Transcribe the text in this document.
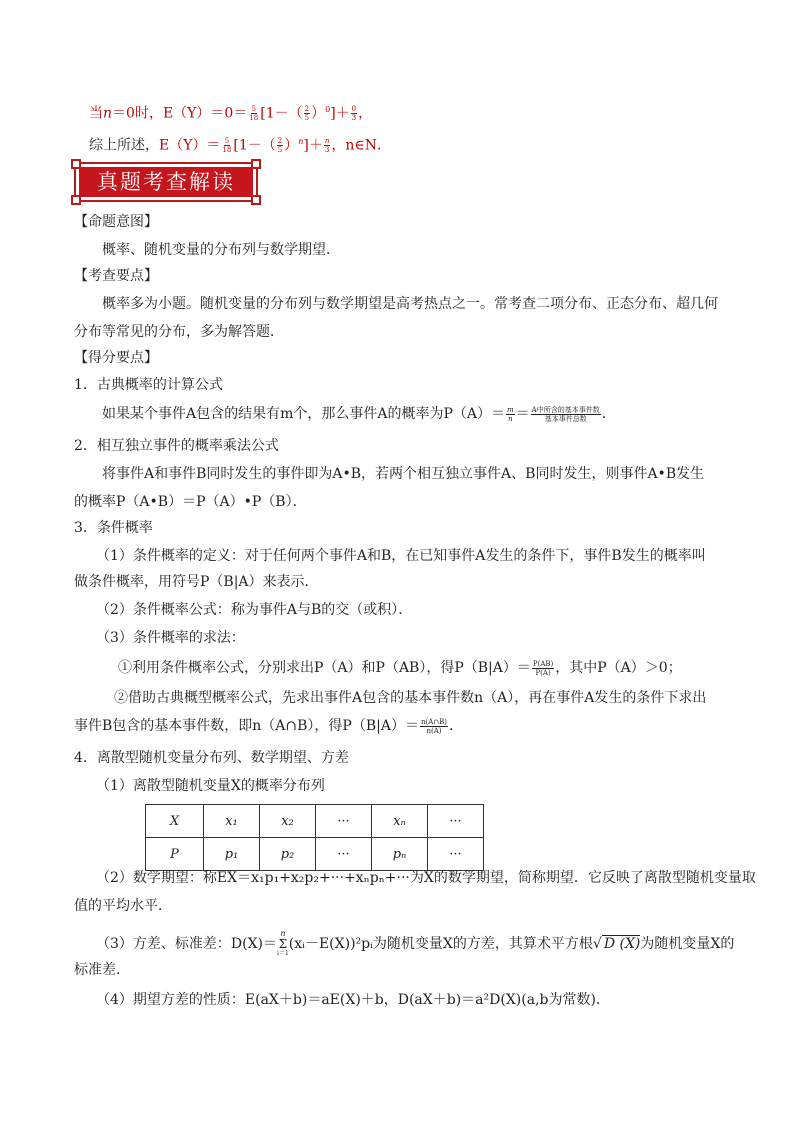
当n＝0时，$E(Y)=0= \frac{5}{18} [1-( \frac{2}{5} )^0]+ \frac{0}{3}$ ，
综上所述，$E(Y)= \frac{5}{18} [1-( \frac{2}{5} )^n]+ \frac{n}{3}$ ，n∈N．
真题考查解读
【命题意图】
概率、随机变量的分布列与数学期望．
【考查要点】
概率多为小题。随机变量的分布列与数学期望是高考热点之一。常考查二项分布、正态分布、超几何
分布等常见的分布，多为解答题．
【得分要点】
1．古典概率的计算公式
如果某个事件A包含的结果有m个，那么事件A的概率为$P(A)= \frac{m}{n} = \frac{\text{A中所含的基本事件数}}{\text{基本事件总数}}$ ．
2．相互独立事件的概率乘法公式
将事件A和事件B同时发生的事件即为A•B，若两个相互独立事件A、B同时发生，则事件A•B发生
的概率P（A•B）＝P（A）•P（B）．
3．条件概率
（1）条件概率的定义：对于任何两个事件A和B，在已知事件A发生的条件下，事件B发生的概率叫
做条件概率，用符号P（B|A）来表示．
（2）条件概率公式：称为事件A与B的交（或积）．
（3）条件概率的求法：
①利用条件概率公式，分别求出P（A）和P（AB），得$P(B|A)= \frac{P(AB)}{P(A)}$ ，其中P（A）＞0；
②借助古典概型概率公式，先求出事件A包含的基本事件数n（A），再在事件A发生的条件下求出
事件B包含的基本事件数，即n（A∩B），得$P(B|A)= \frac{n(A\cap B)}{n(A)}$ ．
4．离散型随机变量分布列、数学期望、方差
（1）离散型随机变量X的概率分布列
X	x₁	x₂	···	xₙ	···
P	p₁	p₂	···	pₙ	···
（2）数学期望：称EX＝x₁p₁+x₂p₂+···+xₙpₙ+···为X的数学期望，简称期望．它反映了离散型随机变量取
值的平均水平．
（3）方差、标准差：D(X)＝
n
Σ
i＝1
(xᵢ－E(X))²pᵢ为随机变量X的方差，其算术平方根√ D (X)为随机变量X的
标准差．
（4）期望方差的性质：E(aX＋b)＝aE(X)＋b，D(aX＋b)＝a²D(X)(a,b为常数)．
